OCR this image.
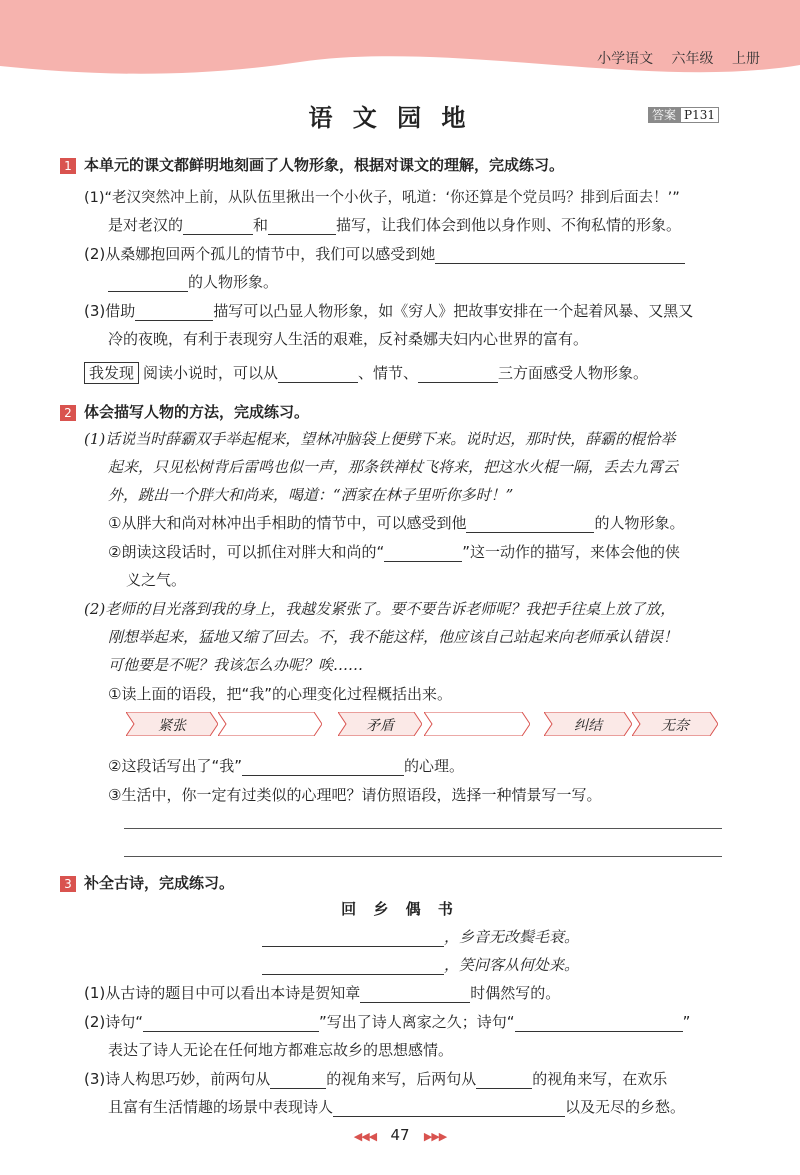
小学语文 六年级 上册
语 文 园 地	答案 P131
1 本单元的课文都鲜明地刻画了人物形象，根据对课文的理解，完成练习。
(1)“老汉突然冲上前，从队伍里揪出一个小伙子，吼道：‘你还算是个党员吗？排到后面去！’”
是对老汉的	和	描写，让我们体会到他以身作则、不徇私情的形象。
(2)从桑娜抱回两个孤儿的情节中，我们可以感受到她
的人物形象。
(3)借助	描写可以凸显人物形象，如《穷人》把故事安排在一个起着风暴、又黑又
冷的夜晚，有利于表现穷人生活的艰难，反衬桑娜夫妇内心世界的富有。
我发现 阅读小说时，可以从	、情节、	三方面感受人物形象。
2 体会描写人物的方法，完成练习。
(1)话说当时薛霸双手举起棍来，望林冲脑袋上便劈下来。说时迟，那时快，薛霸的棍恰举
起来，只见松树背后雷鸣也似一声，那条铁禅杖飞将来，把这水火棍一隔，丢去九霄云
外，跳出一个胖大和尚来，喝道：“洒家在林子里听你多时！”
①从胖大和尚对林冲出手相助的情节中，可以感受到他	的人物形象。
②朗读这段话时，可以抓住对胖大和尚的“	”这一动作的描写，来体会他的侠
义之气。
(2)老师的目光落到我的身上，我越发紧张了。要不要告诉老师呢？我把手往桌上放了放，
刚想举起来，猛地又缩了回去。不，我不能这样，他应该自己站起来向老师承认错误！
可他要是不呢？我该怎么办呢？唉……
①读上面的语段，把“我”的心理变化过程概括出来。
紧张	矛盾	纠结	无奈
②这段话写出了“我”	的心理。
③生活中，你一定有过类似的心理吧？请仿照语段，选择一种情景写一写。
3 补全古诗，完成练习。
回 乡 偶 书
，乡音无改鬓毛衰。
，笑问客从何处来。
(1)从古诗的题目中可以看出本诗是贺知章	时偶然写的。
(2)诗句“	”写出了诗人离家之久；诗句“	”
表达了诗人无论在任何地方都难忘故乡的思想感情。
(3)诗人构思巧妙，前两句从	的视角来写，后两句从	的视角来写，在欢乐
且富有生活情趣的场景中表现诗人	以及无尽的乡愁。
◀◀◀ 47 ▶▶▶
